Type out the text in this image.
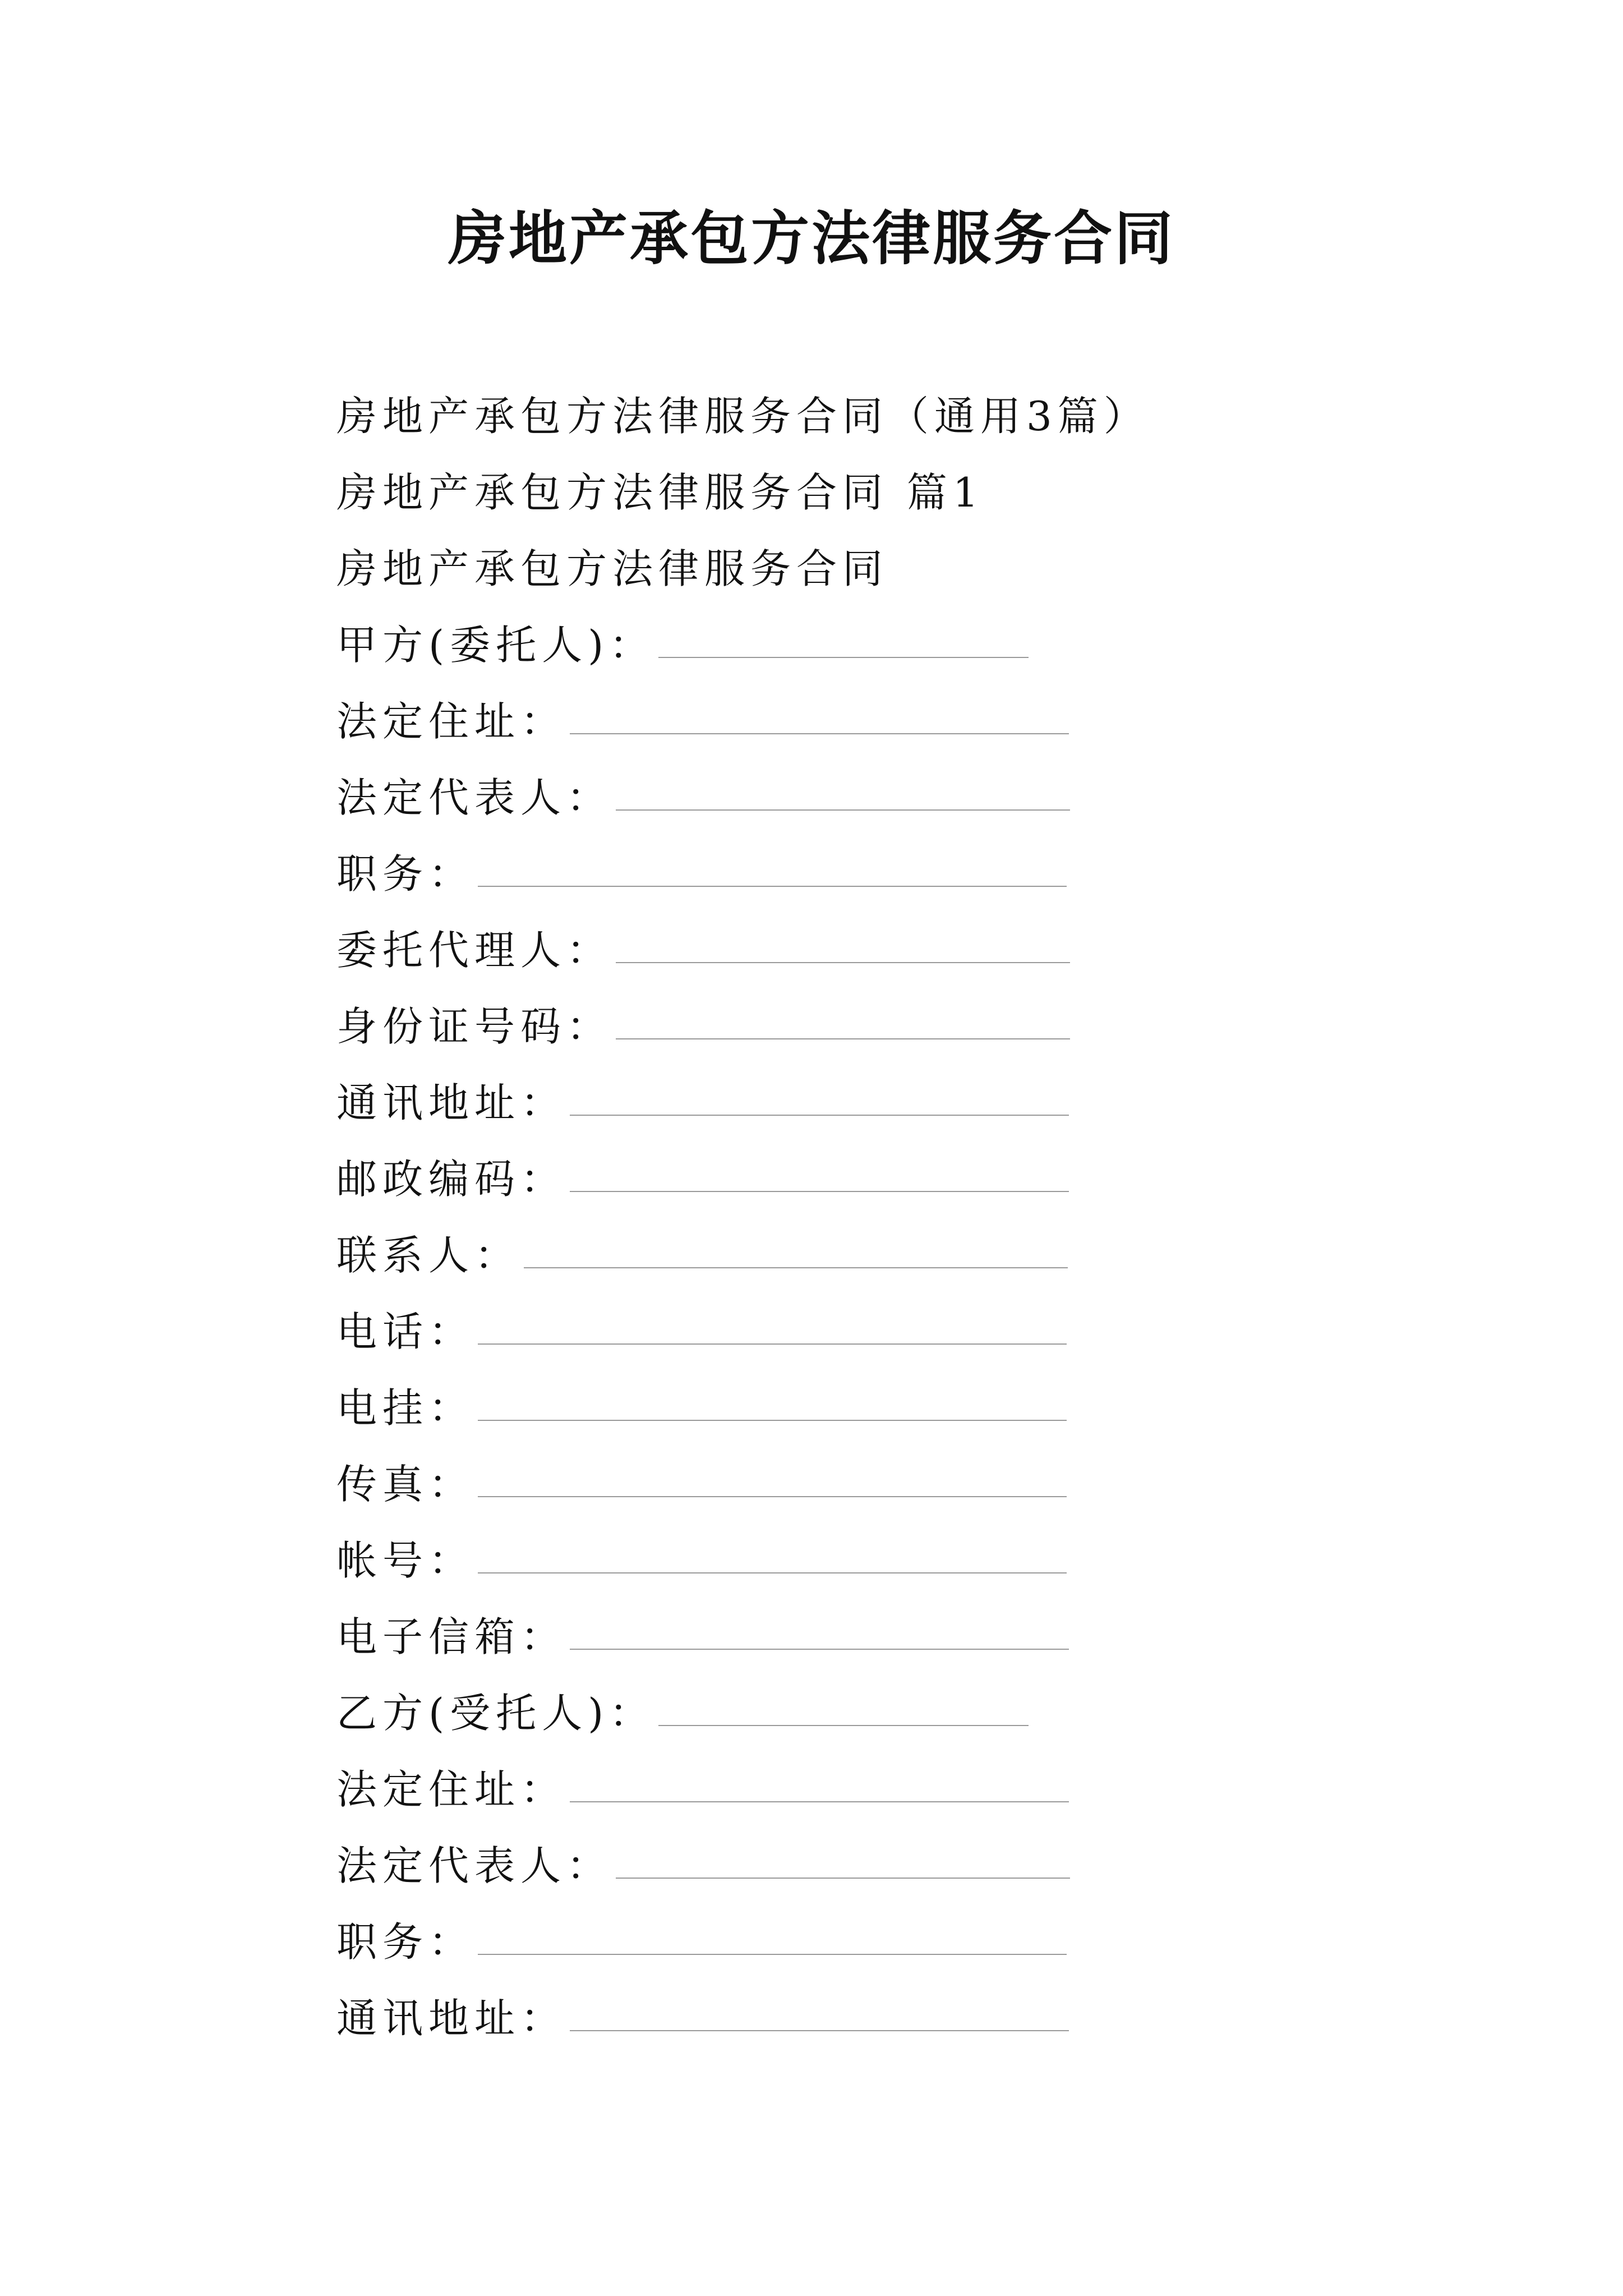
房地产承包方法律服务合同
房地产承包方法律服务合同（通用3篇）
房地产承包方法律服务合同 篇1
房地产承包方法律服务合同
甲方(委托人)：
法定住址：
法定代表人：
职务：
委托代理人：
身份证号码：
通讯地址：
邮政编码：
联系人：
电话：
电挂：
传真：
帐号：
电子信箱：
乙方(受托人)：
法定住址：
法定代表人：
职务：
通讯地址：
